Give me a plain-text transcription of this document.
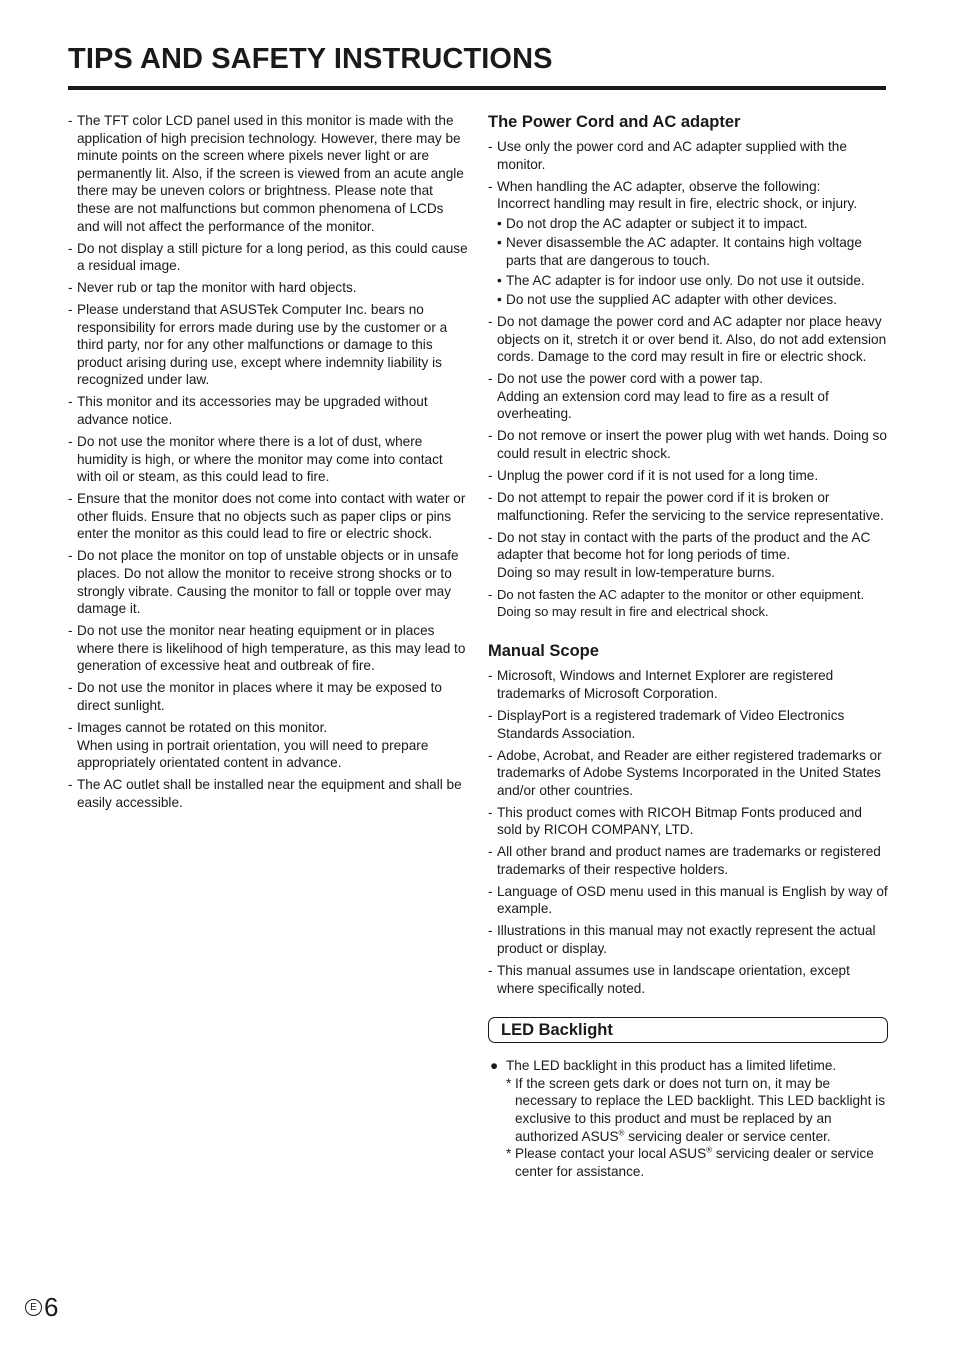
TIPS AND SAFETY INSTRUCTIONS
- The TFT color LCD panel used in this monitor is made with the application of high precision technology. However, there may be minute points on the screen where pixels never light or are permanently lit. Also, if the screen is viewed from an acute angle there may be uneven colors or brightness. Please note that these are not malfunctions but common phenomena of LCDs and will not affect the performance of the monitor.
- Do not display a still picture for a long period, as this could cause a residual image.
- Never rub or tap the monitor with hard objects.
- Please understand that ASUSTek Computer Inc. bears no responsibility for errors made during use by the customer or a third party, nor for any other malfunctions or damage to this product arising during use, except where indemnity liability is recognized under law.
- This monitor and its accessories may be upgraded without advance notice.
- Do not use the monitor where there is a lot of dust, where humidity is high, or where the monitor may come into contact with oil or steam, as this could lead to fire.
- Ensure that the monitor does not come into contact with water or other fluids. Ensure that no objects such as paper clips or pins enter the monitor as this could lead to fire or electric shock.
- Do not place the monitor on top of unstable objects or in unsafe places. Do not allow the monitor to receive strong shocks or to strongly vibrate. Causing the monitor to fall or topple over may damage it.
- Do not use the monitor near heating equipment or in places where there is likelihood of high temperature, as this may lead to generation of excessive heat and outbreak of fire.
- Do not use the monitor in places where it may be exposed to direct sunlight.
- Images cannot be rotated on this monitor.
When using in portrait orientation, you will need to prepare appropriately orientated content in advance.
- The AC outlet shall be installed near the equipment and shall be easily accessible.
The Power Cord and AC adapter
- Use only the power cord and AC adapter supplied with the monitor.
- When handling the AC adapter, observe the following:
Incorrect handling may result in fire, electric shock, or injury.
• Do not drop the AC adapter or subject it to impact.
• Never disassemble the AC adapter. It contains high voltage parts that are dangerous to touch.
• The AC adapter is for indoor use only. Do not use it outside.
• Do not use the supplied AC adapter with other devices.
- Do not damage the power cord and AC adapter nor place heavy objects on it, stretch it or over bend it. Also, do not add extension cords. Damage to the cord may result in fire or electric shock.
- Do not use the power cord with a power tap.
Adding an extension cord may lead to fire as a result of overheating.
- Do not remove or insert the power plug with wet hands. Doing so could result in electric shock.
- Unplug the power cord if it is not used for a long time.
- Do not attempt to repair the power cord if it is broken or malfunctioning. Refer the servicing to the service representative.
- Do not stay in contact with the parts of the product and the AC adapter that become hot for long periods of time.
Doing so may result in low-temperature burns.
- Do not fasten the AC adapter to the monitor or other equipment.
Doing so may result in fire and electrical shock.
Manual Scope
- Microsoft, Windows and Internet Explorer are registered trademarks of Microsoft Corporation.
- DisplayPort is a registered trademark of Video Electronics Standards Association.
- Adobe, Acrobat, and Reader are either registered trademarks or trademarks of Adobe Systems Incorporated in the United States and/or other countries.
- This product comes with RICOH Bitmap Fonts produced and sold by RICOH COMPANY, LTD.
- All other brand and product names are trademarks or registered trademarks of their respective holders.
- Language of OSD menu used in this manual is English by way of example.
- Illustrations in this manual may not exactly represent the actual product or display.
- This manual assumes use in landscape orientation, except where specifically noted.
LED Backlight
● The LED backlight in this product has a limited lifetime.
* If the screen gets dark or does not turn on, it may be necessary to replace the LED backlight. This LED backlight is exclusive to this product and must be replaced by an authorized ASUS® servicing dealer or service center.
* Please contact your local ASUS® servicing dealer or service center for assistance.
E 6
